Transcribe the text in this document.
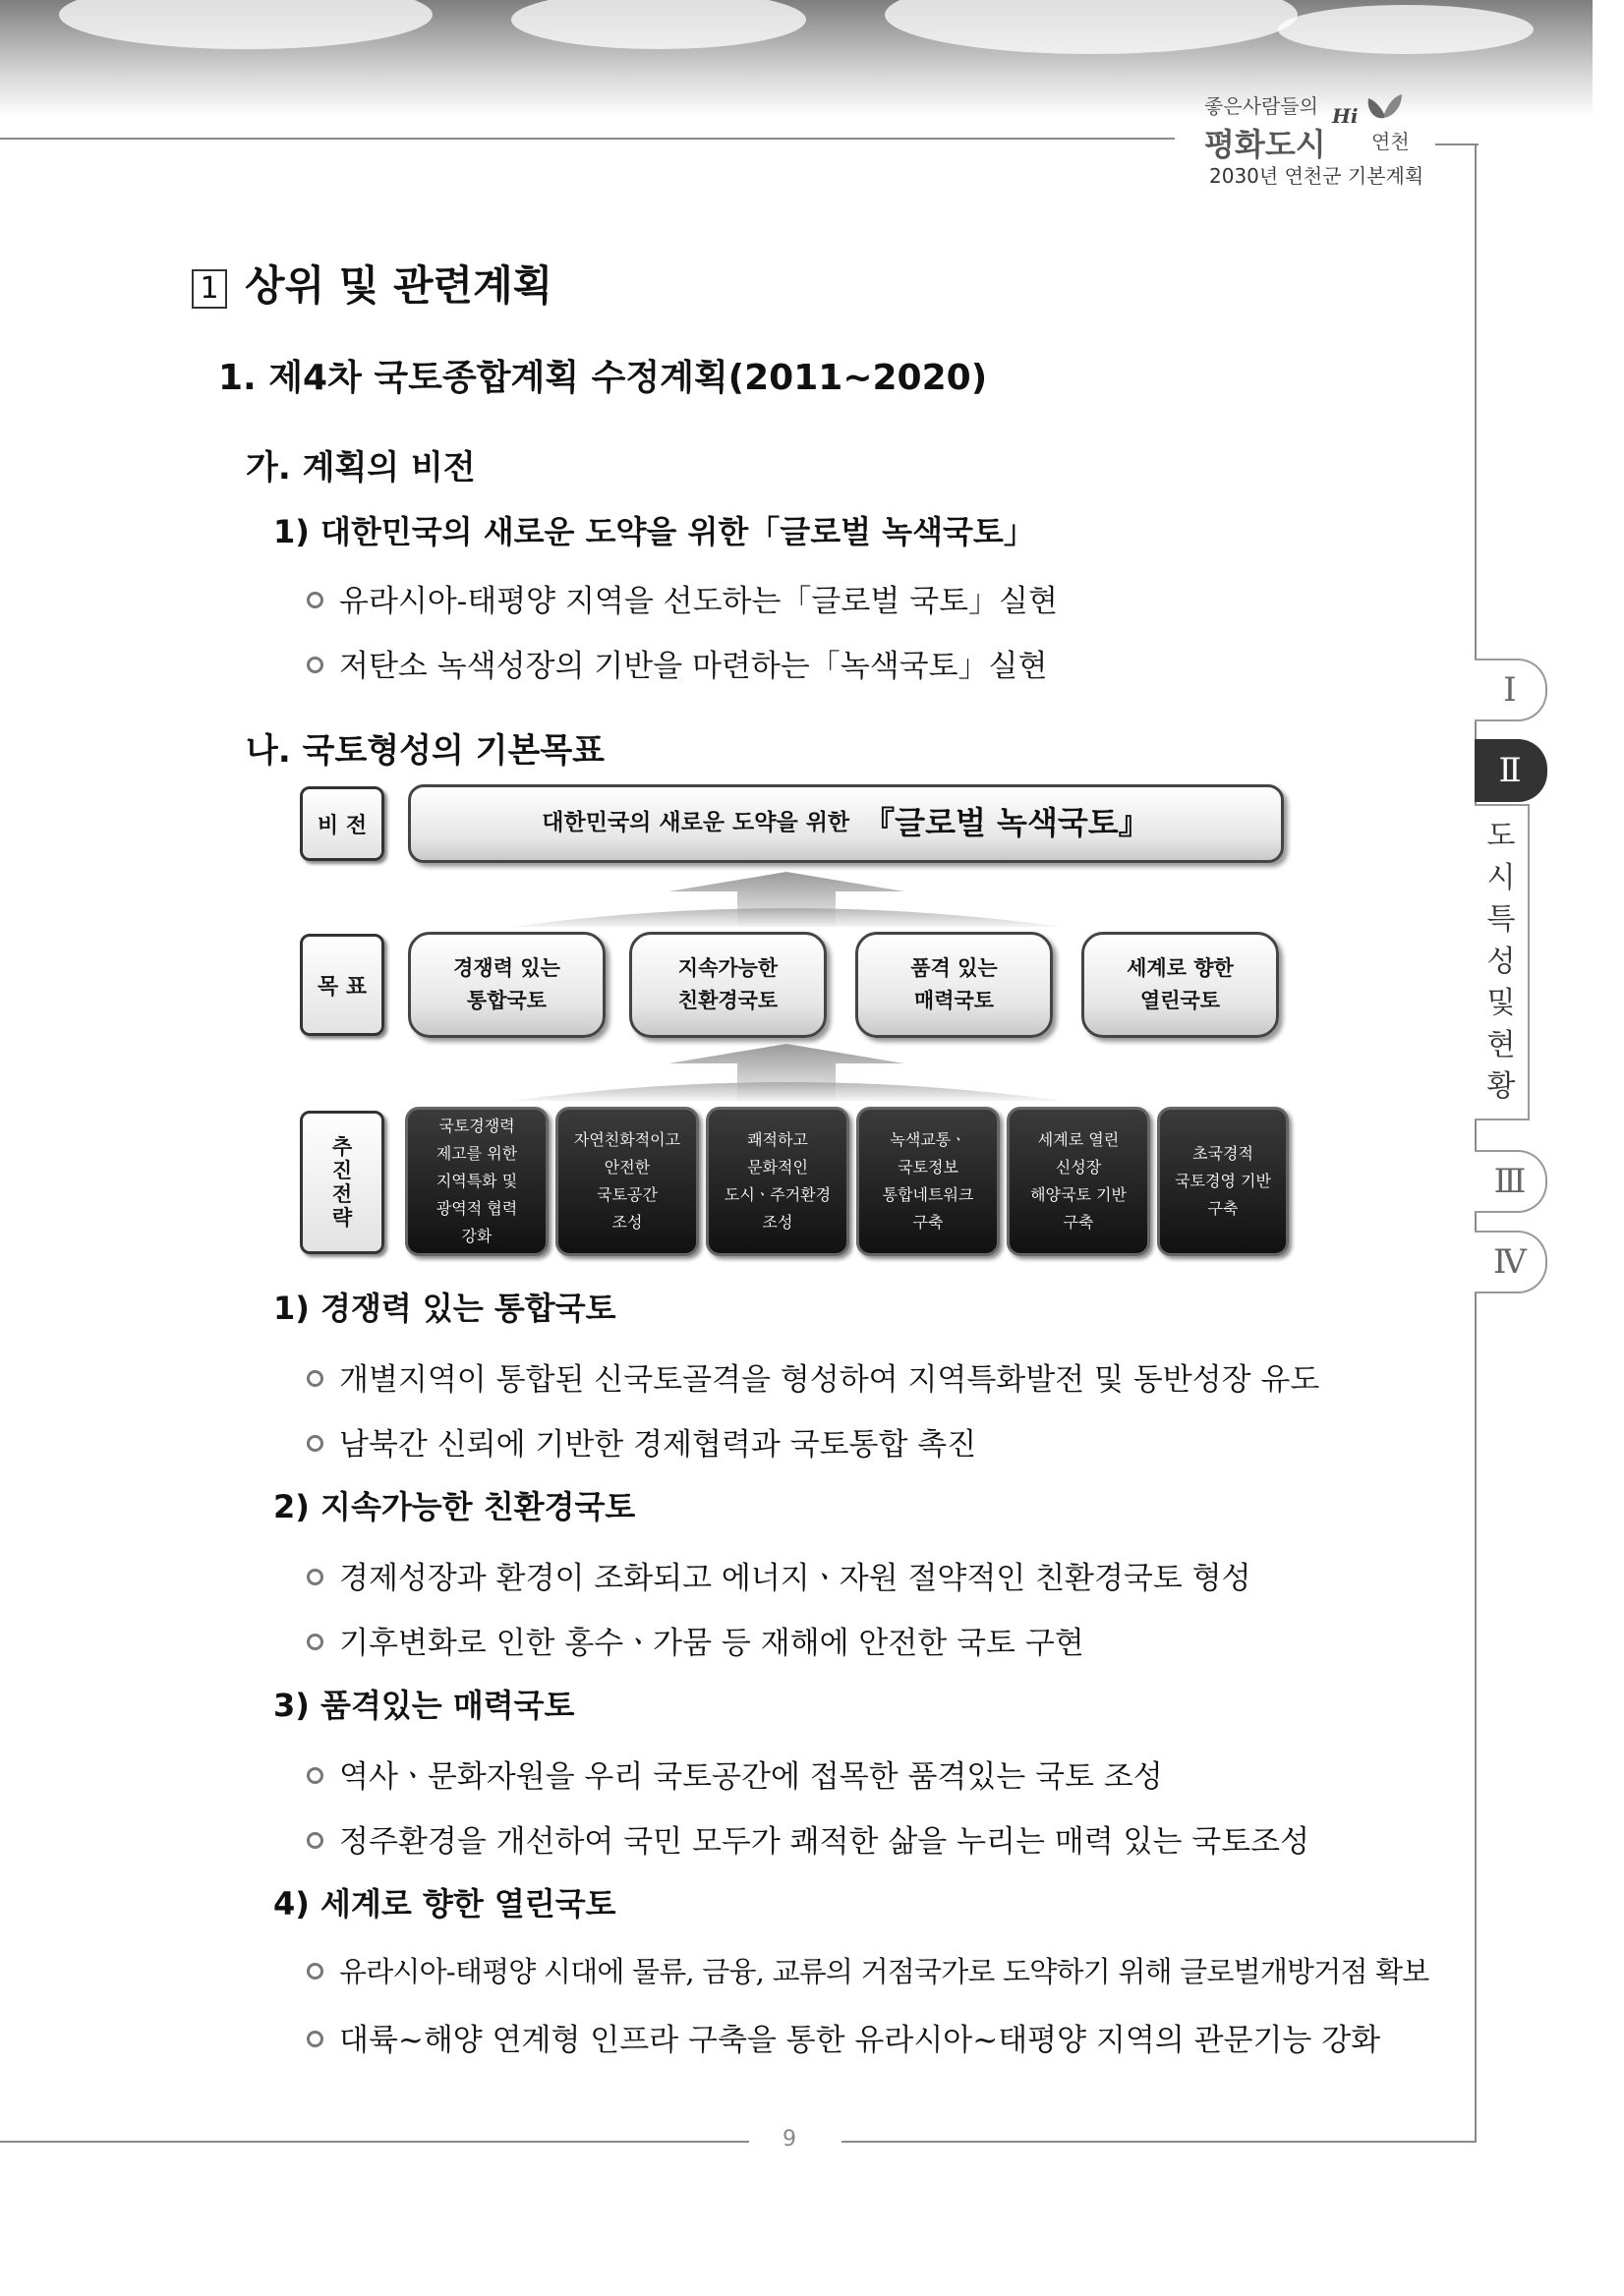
좋은사람들의
평화도시
Hi
연천
2030년 연천군 기본계획
1 상위 및 관련계획
1. 제4차 국토종합계획 수정계획(2011~2020)
가. 계획의 비전
1) 대한민국의 새로운 도약을 위한「글로벌 녹색국토」
유라시아-태평양 지역을 선도하는「글로벌 국토」실현
저탄소 녹색성장의 기반을 마련하는「녹색국토」실현
나. 국토형성의 기본목표
비 전	대한민국의 새로운 도약을 위한 『글로벌 녹색국토』
목 표
경쟁력 있는
통합국토
지속가능한
친환경국토
품격 있는
매력국토
세계로 향한
열린국토
추
진
전
략
국토경쟁력
제고를 위한
지역특화 및
광역적 협력
강화
자연친화적이고
안전한
국토공간
조성
쾌적하고
문화적인
도시ㆍ주거환경
조성
녹색교통ㆍ
국토정보
통합네트워크
구축
세계로 열린
신성장
해양국토 기반
구축
초국경적
국토경영 기반
구축
1) 경쟁력 있는 통합국토
개별지역이 통합된 신국토골격을 형성하여 지역특화발전 및 동반성장 유도
남북간 신뢰에 기반한 경제협력과 국토통합 촉진
2) 지속가능한 친환경국토
경제성장과 환경이 조화되고 에너지ㆍ자원 절약적인 친환경국토 형성
기후변화로 인한 홍수ㆍ가뭄 등 재해에 안전한 국토 구현
3) 품격있는 매력국토
역사ㆍ문화자원을 우리 국토공간에 접목한 품격있는 국토 조성
정주환경을 개선하여 국민 모두가 쾌적한 삶을 누리는 매력 있는 국토조성
4) 세계로 향한 열린국토
유라시아-태평양 시대에 물류, 금융, 교류의 거점국가로 도약하기 위해 글로벌개방거점 확보
대륙~해양 연계형 인프라 구축을 통한 유라시아~태평양 지역의 관문기능 강화
Ⅰ
Ⅱ
도
시
특
성
및
현
황
Ⅲ
Ⅳ
9
